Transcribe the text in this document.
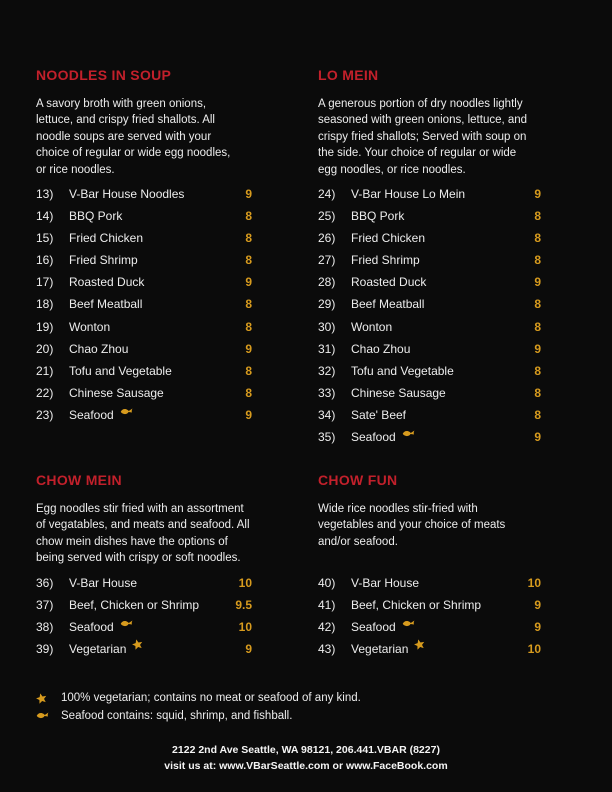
NOODLES IN SOUP
A savory broth with green onions,
lettuce, and crispy fried shallots. All
noodle soups are served with your
choice of regular or wide egg noodles,
or rice noodles.
13)	V-Bar House Noodles	9
14)	BBQ Pork	8
15)	Fried Chicken	8
16)	Fried Shrimp	8
17)	Roasted Duck	9
18)	Beef Meatball	8
19)	Wonton	8
20)	Chao Zhou	9
21)	Tofu and Vegetable	8
22)	Chinese Sausage	8
23)	Seafood	9
LO MEIN
A generous portion of dry noodles lightly
seasoned with green onions, lettuce, and
crispy fried shallots; Served with soup on
the side. Your choice of regular or wide
egg noodles, or rice noodles.
24)	V-Bar House Lo Mein	9
25)	BBQ Pork	8
26)	Fried Chicken	8
27)	Fried Shrimp	8
28)	Roasted Duck	9
29)	Beef Meatball	8
30)	Wonton	8
31)	Chao Zhou	9
32)	Tofu and Vegetable	8
33)	Chinese Sausage	8
34)	Sate' Beef	8
35)	Seafood	9
CHOW MEIN
Egg noodles stir fried with an assortment
of vegatables, and meats and seafood. All
chow mein dishes have the options of
being served with crispy or soft noodles.
36)	V-Bar House	10
37)	Beef, Chicken or Shrimp	9.5
38)	Seafood	10
39)	Vegetarian	9
CHOW FUN
Wide rice noodles stir-fried with
vegetables and your choice of meats
and/or seafood.
40)	V-Bar House	10
41)	Beef, Chicken or Shrimp	9
42)	Seafood	9
43)	Vegetarian	10
100% vegetarian; contains no meat or seafood of any kind.
Seafood contains: squid, shrimp, and fishball.
2122 2nd Ave Seattle, WA 98121, 206.441.VBAR (8227)
visit us at: www.VBarSeattle.com or www.FaceBook.com
